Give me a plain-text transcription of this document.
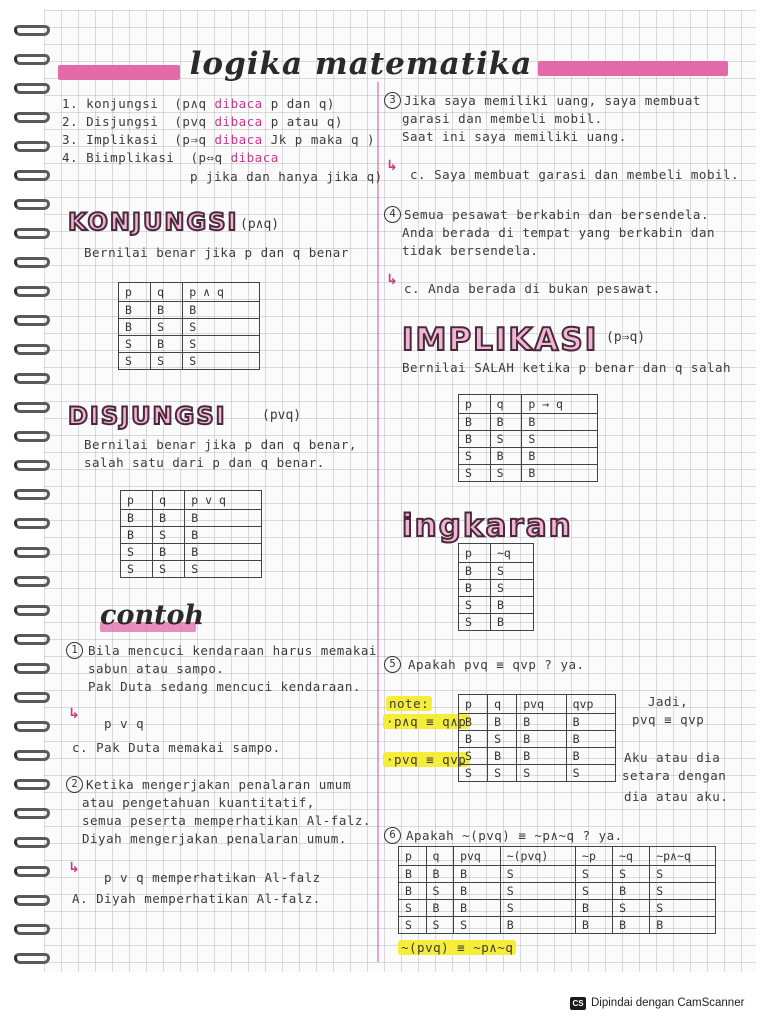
logika matematika
1. konjungsi (p∧q dibaca p dan q)
2. Disjungsi (pvq dibaca p atau q)
3. Implikasi (p⇒q dibaca Jk p maka q )
4. Biimplikasi (p⇔q dibaca
p jika dan hanya jika q)
KONJUNGSI (p∧q)
Bernilai benar jika p dan q benar
p	q	p ∧ q
B	B	B
B	S	S
S	B	S
S	S	S
DISJUNGSI	(pvq)
Bernilai benar jika p dan q benar,
salah satu dari p dan q benar.
p	q	p v q
B	B	B
B	S	B
S	B	B
S	S	S
contoh
1 Bila mencuci kendaraan harus memakai
sabun atau sampo.
Pak Duta sedang mencuci kendaraan.
↳
p v q
c. Pak Duta memakai sampo.
2 Ketika mengerjakan penalaran umum
atau pengetahuan kuantitatif,
semua peserta memperhatikan Al-falz.
Diyah mengerjakan penalaran umum.
↳
p v q memperhatikan Al-falz
A. Diyah memperhatikan Al-falz.
3 Jika saya memiliki uang, saya membuat
garasi dan membeli mobil.
Saat ini saya memiliki uang.
↳
c. Saya membuat garasi dan membeli mobil.
4 Semua pesawat berkabin dan bersendela.
Anda berada di tempat yang berkabin dan
tidak bersendela.
↳
c. Anda berada di bukan pesawat.
IMPLIKASI (p⇒q)
Bernilai SALAH ketika p benar dan q salah
p	q	p → q
B	B	B
B	S	S
S	B	B
S	S	B
ingkaran
p	~q
B	S
B	S
S	B
S	B
5 Apakah pvq ≡ qvp ? ya.
note:
·p∧q ≡ q∧p
·pvq ≡ qvp
p	q	pvq	qvp
B	B	B	B
B	S	B	B
S	B	B	B
S	S	S	S
Jadi,
pvq ≡ qvp
Aku atau dia
setara dengan
dia atau aku.
6 Apakah ~(pvq) ≡ ~p∧~q ? ya.
p	q	pvq	~(pvq)	~p	~q	~p∧~q
B	B	B	S	S	S	S
B	S	B	S	S	B	S
S	B	B	S	B	S	S
S	S	S	B	B	B	B
~(pvq) ≡ ~p∧~q
CS Dipindai dengan CamScanner
